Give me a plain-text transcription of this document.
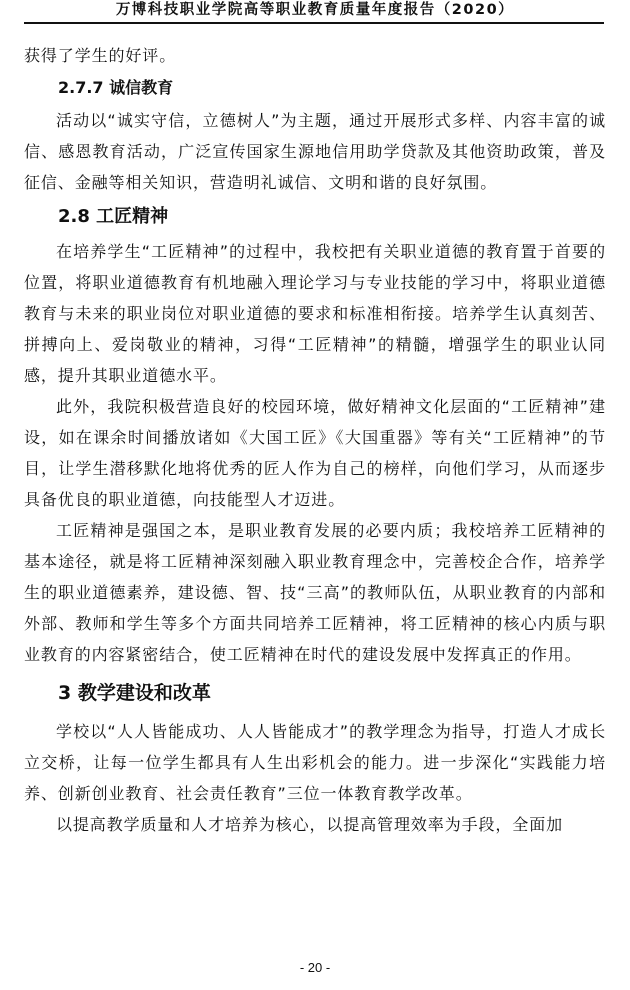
万博科技职业学院高等职业教育质量年度报告（2020）

获得了学生的好评。

2.7.7 诚信教育

活动以“诚实守信，立德树人”为主题，通过开展形式多样、内容丰富的诚信、感恩教育活动，广泛宣传国家生源地信用助学贷款及其他资助政策，普及征信、金融等相关知识，营造明礼诚信、文明和谐的良好氛围。

2.8 工匠精神

在培养学生“工匠精神”的过程中，我校把有关职业道德的教育置于首要的位置，将职业道德教育有机地融入理论学习与专业技能的学习中，将职业道德教育与未来的职业岗位对职业道德的要求和标准相衔接。培养学生认真刻苦、拼搏向上、爱岗敬业的精神，习得“工匠精神”的精髓，增强学生的职业认同感，提升其职业道德水平。

此外，我院积极营造良好的校园环境，做好精神文化层面的“工匠精神”建设，如在课余时间播放诸如《大国工匠》《大国重器》等有关“工匠精神”的节目，让学生潜移默化地将优秀的匠人作为自己的榜样，向他们学习，从而逐步具备优良的职业道德，向技能型人才迈进。

工匠精神是强国之本，是职业教育发展的必要内质；我校培养工匠精神的基本途径，就是将工匠精神深刻融入职业教育理念中，完善校企合作，培养学生的职业道德素养，建设德、智、技“三高”的教师队伍，从职业教育的内部和外部、教师和学生等多个方面共同培养工匠精神，将工匠精神的核心内质与职业教育的内容紧密结合，使工匠精神在时代的建设发展中发挥真正的作用。

3 教学建设和改革

学校以“人人皆能成功、人人皆能成才”的教学理念为指导，打造人才成长立交桥，让每一位学生都具有人生出彩机会的能力。进一步深化“实践能力培养、创新创业教育、社会责任教育”三位一体教育教学改革。

以提高教学质量和人才培养为核心，以提高管理效率为手段，全面加

- 20 -
